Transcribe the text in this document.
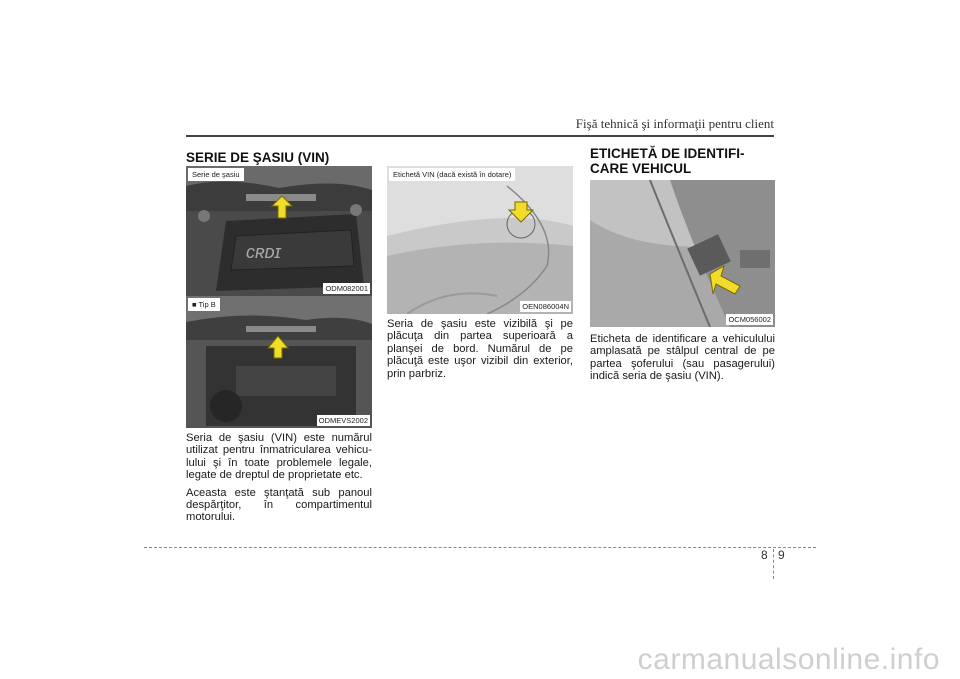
Fişă tehnică şi informaţii pentru client
SERIE DE ŞASIU (VIN)
ᴄʀᴅɪ
Serie de şasiu
ODM082001
■ Tip B
ODMEVS2002

Seria de şasiu (VIN) este numărul utilizat pentru înmatricularea vehiculului şi în toate problemele legale, legate de dreptul de proprietate etc.

Aceasta este ştanţată sub panoul despărţitor, în compartimentul motorului.

Etichetă VIN (dacă există în dotare)
OEN086004N

Seria de şasiu este vizibilă şi pe plăcuţa din partea superioară a planşei de bord. Numărul de pe plăcuţă este uşor vizibil din exterior, prin parbriz.

ETICHETĂ DE IDENTIFI-
CARE VEHICUL
OCM056002

Eticheta de identificare a vehiculului amplasată pe stâlpul central de pe partea şoferului (sau pasagerului) indică seria de şasiu (VIN).

8 9
carmanualsonline.info
